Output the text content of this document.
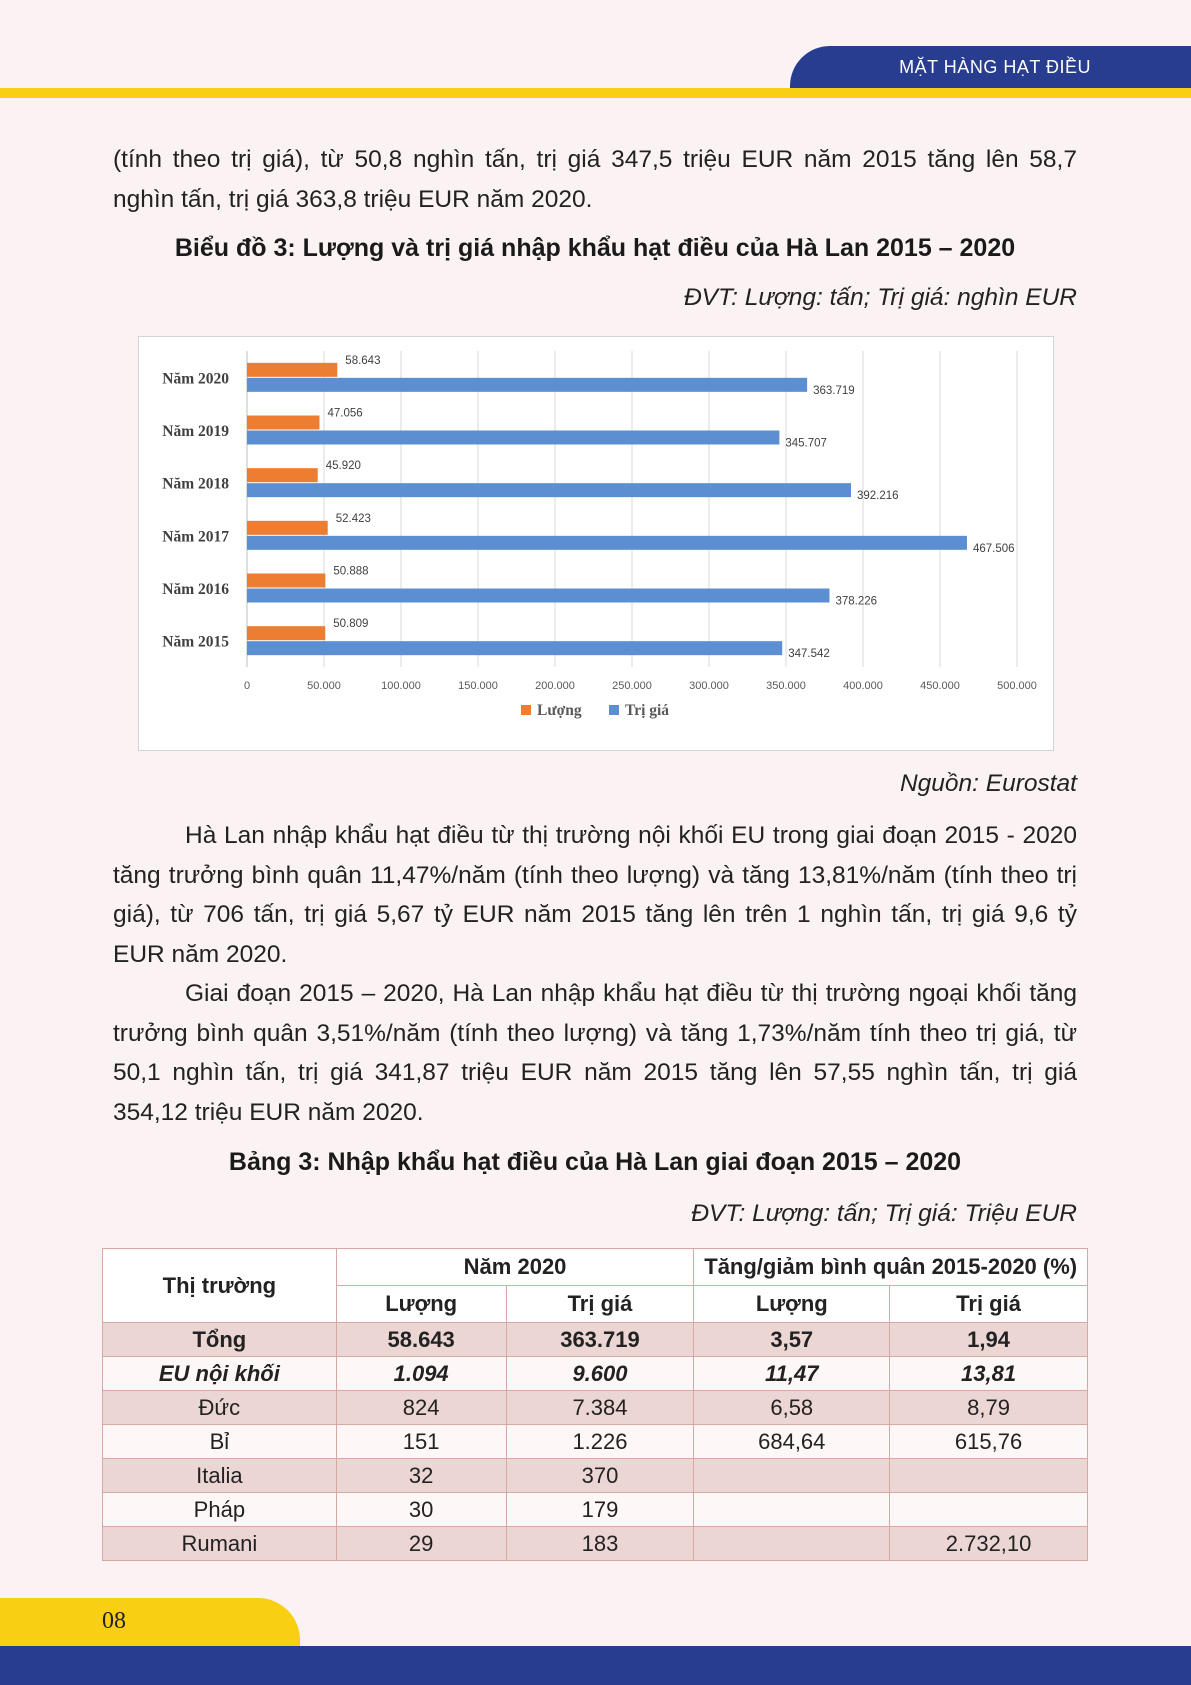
MẶT HÀNG HẠT ĐIỀU

(tính theo trị giá), từ 50,8 nghìn tấn, trị giá 347,5 triệu EUR năm 2015 tăng lên 58,7 nghìn tấn, trị giá 363,8 triệu EUR năm 2020.

Biểu đồ 3: Lượng và trị giá nhập khẩu hạt điều của Hà Lan 2015 – 2020

ĐVT: Lượng: tấn; Trị giá: nghìn EUR

0	50.000	100.000	150.000	200.000	250.000	300.000	350.000	400.000	450.000	500.000
Năm 2020
58.643
363.719
Năm 2019
47.056
345.707
Năm 2018
45.920
392.216
Năm 2017
52.423
467.506
Năm 2016
50.888
378.226
Năm 2015
50.809
347.542
Lượng	Trị giá

Nguồn: Eurostat

Hà Lan nhập khẩu hạt điều từ thị trường nội khối EU trong giai đoạn 2015 - 2020 tăng trưởng bình quân 11,47%/năm (tính theo lượng) và tăng 13,81%/năm (tính theo trị giá), từ 706 tấn, trị giá 5,67 tỷ EUR năm 2015 tăng lên trên 1 nghìn tấn, trị giá 9,6 tỷ EUR năm 2020.

Giai đoạn 2015 – 2020, Hà Lan nhập khẩu hạt điều từ thị trường ngoại khối tăng trưởng bình quân 3,51%/năm (tính theo lượng) và tăng 1,73%/năm tính theo trị giá, từ 50,1 nghìn tấn, trị giá 341,87 triệu EUR năm 2015 tăng lên 57,55 nghìn tấn, trị giá 354,12 triệu EUR năm 2020.

Bảng 3: Nhập khẩu hạt điều của Hà Lan giai đoạn 2015 – 2020

ĐVT: Lượng: tấn; Trị giá: Triệu EUR

Thị trường	Năm 2020		Tăng/giảm bình quân 2015-2020 (%)	
	Lượng	Trị giá	Lượng	Trị giá
Tổng	58.643	363.719	3,57	1,94
EU nội khối	1.094	9.600	11,47	13,81
Đức	824	7.384	6,58	8,79
Bỉ	151	1.226	684,64	615,76
Italia	32	370		
Pháp	30	179		
Rumani	29	183		2.732,10
08
